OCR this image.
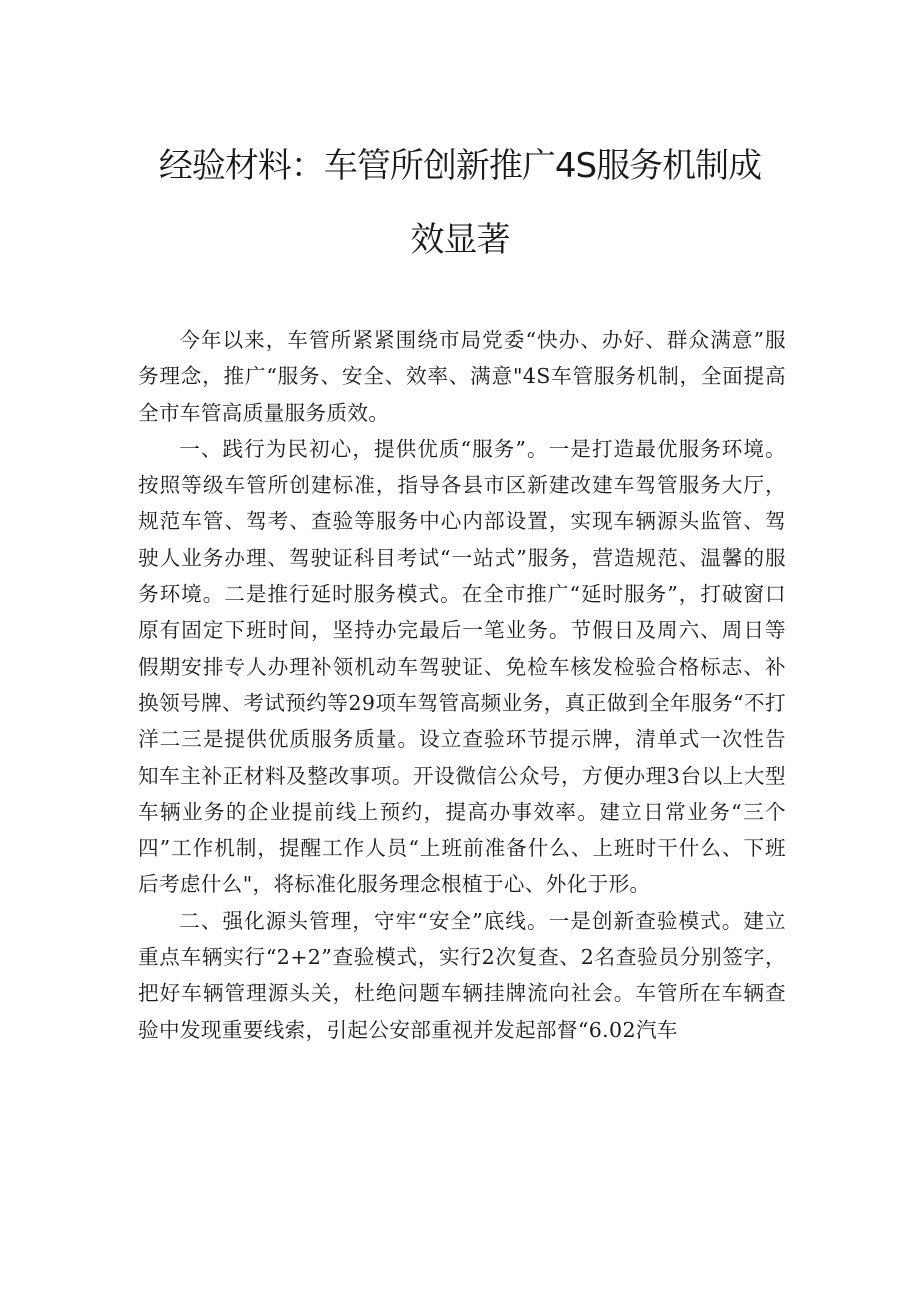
经验材料：车管所创新推广4S服务机制成
效显著

今年以来，车管所紧紧围绕市局党委“快办、办好、群众满意”服务理念，推广“服务、安全、效率、满意"4S车管服务机制，全面提高全市车管高质量服务质效。

一、践行为民初心，提供优质“服务”。一是打造最优服务环境。按照等级车管所创建标准，指导各县市区新建改建车驾管服务大厅，规范车管、驾考、查验等服务中心内部设置，实现车辆源头监管、驾驶人业务办理、驾驶证科目考试“一站式”服务，营造规范、温馨的服务环境。二是推行延时服务模式。在全市推广“延时服务”，打破窗口原有固定下班时间，坚持办完最后一笔业务。节假日及周六、周日等假期安排专人办理补领机动车驾驶证、免检车核发检验合格标志、补换领号牌、考试预约等29项车驾管高频业务，真正做到全年服务“不打洋二三是提供优质服务质量。设立查验环节提示牌，清单式一次性告知车主补正材料及整改事项。开设微信公众号，方便办理3台以上大型车辆业务的企业提前线上预约，提高办事效率。建立日常业务“三个四”工作机制，提醒工作人员“上班前准备什么、上班时干什么、下班后考虑什么"，将标准化服务理念根植于心、外化于形。

二、强化源头管理，守牢“安全”底线。一是创新查验模式。建立重点车辆实行“2+2”查验模式，实行2次复查、2名查验员分别签字，把好车辆管理源头关，杜绝问题车辆挂牌流向社会。车管所在车辆查验中发现重要线索，引起公安部重视并发起部督“6.02汽车
